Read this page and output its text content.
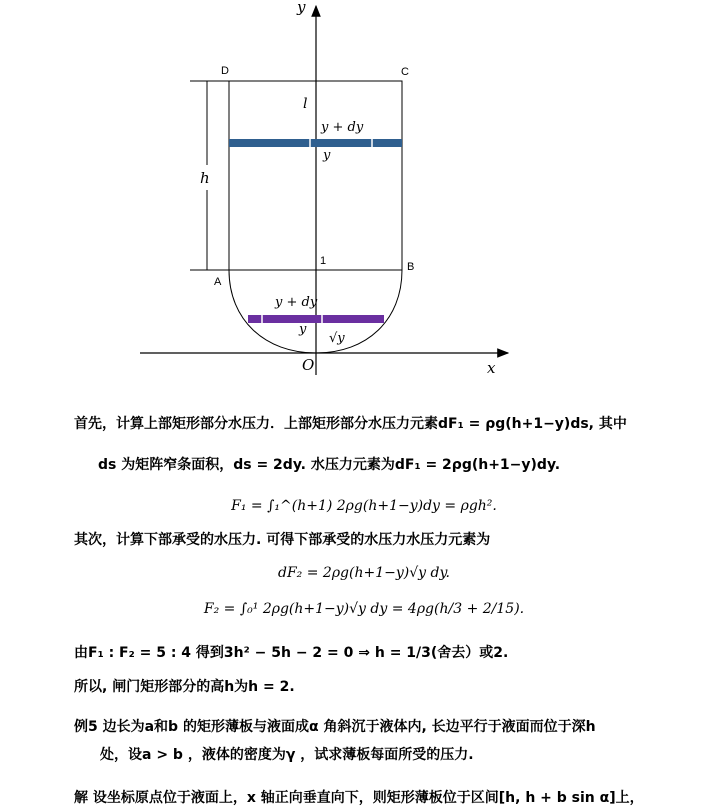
y
x
O
D	C
A
B
l
h
1
y + dy
y
y + dy
y
√y
首先，计算上部矩形部分水压力．上部矩形部分水压力元素dF₁ = ρg(h+1−y)ds, 其中
ds 为矩阵窄条面积，ds = 2dy. 水压力元素为dF₁ = 2ρg(h+1−y)dy.
F₁ = ∫₁^(h+1) 2ρg(h+1−y)dy = ρgh².
其次，计算下部承受的水压力. 可得下部承受的水压力水压力元素为
dF₂ = 2ρg(h+1−y)√y dy.
F₂ = ∫₀¹ 2ρg(h+1−y)√y dy = 4ρg(h/3 + 2/15).
由F₁ : F₂ = 5 : 4 得到3h² − 5h − 2 = 0 ⇒ h = 1/3(舍去）或2.
所以, 闸门矩形部分的高h为h = 2.
例5 边长为a和b 的矩形薄板与液面成α 角斜沉于液体内, 长边平行于液面而位于深h
处，设a > b ，液体的密度为γ ，试求薄板每面所受的压力.
解 设坐标原点位于液面上，x 轴正向垂直向下，则矩形薄板位于区间[h, h + b sin α]上，
